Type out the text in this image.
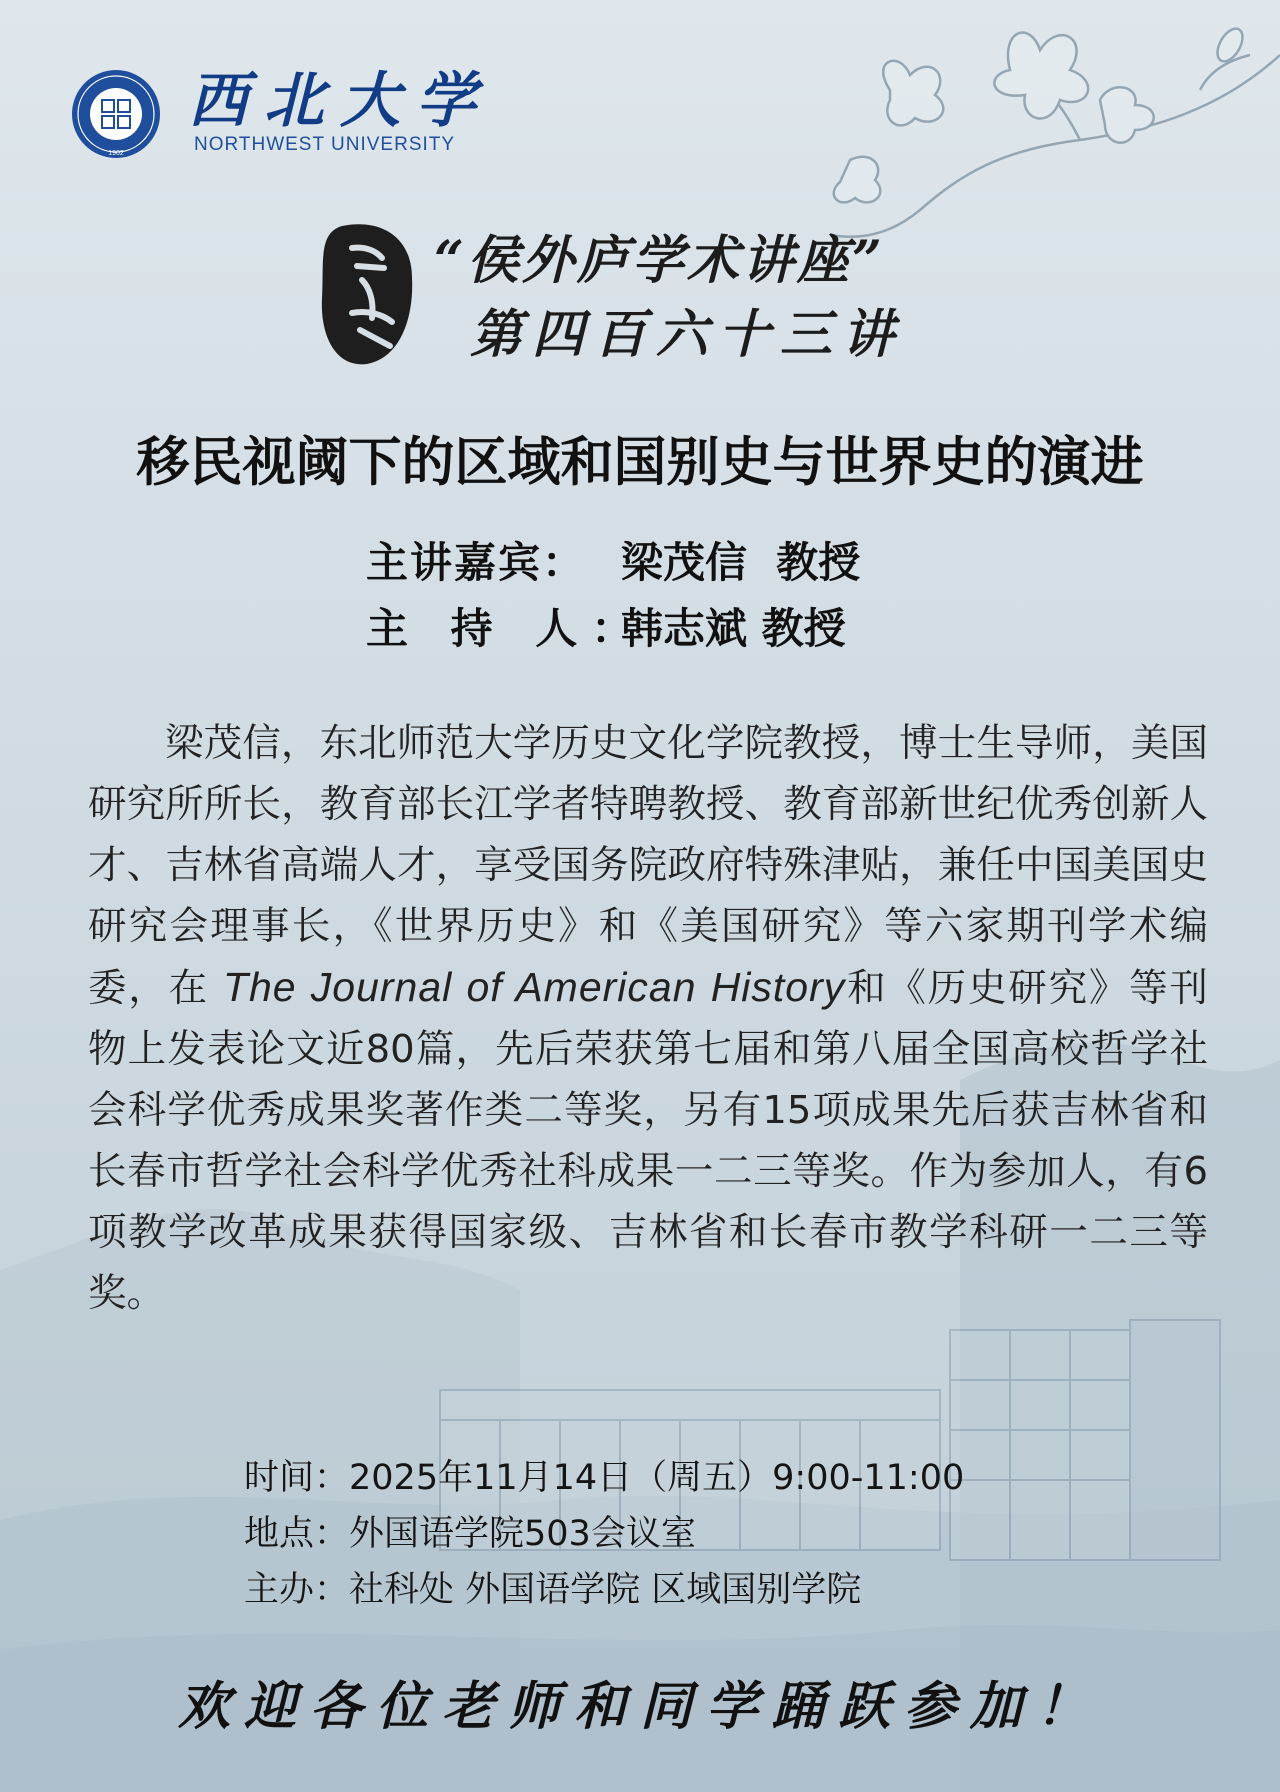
1902
西北大学
NORTHWEST UNIVERSITY
“侯外庐学术讲座”
第四百六十三讲
移民视阈下的区域和国别史与世界史的演进
主讲嘉宾： 梁茂信  教授
主 持 人：韩志斌 教授
梁茂信，东北师范大学历史文化学院教授，博士生导师，美国研究所所长，教育部长江学者特聘教授、教育部新世纪优秀创新人才、吉林省高端人才，享受国务院政府特殊津贴，兼任中国美国史研究会理事长，《世界历史》和《美国研究》等六家期刊学术编委，在 The Journal of American History和《历史研究》等刊物上发表论文近80篇，先后荣获第七届和第八届全国高校哲学社会科学优秀成果奖著作类二等奖，另有15项成果先后获吉林省和长春市哲学社会科学优秀社科成果一二三等奖。作为参加人，有6项教学改革成果获得国家级、吉林省和长春市教学科研一二三等奖。
时间：2025年11月14日（周五）9:00-11:00
地点：外国语学院503会议室
主办：社科处 外国语学院 区域国别学院
欢迎各位老师和同学踊跃参加！
